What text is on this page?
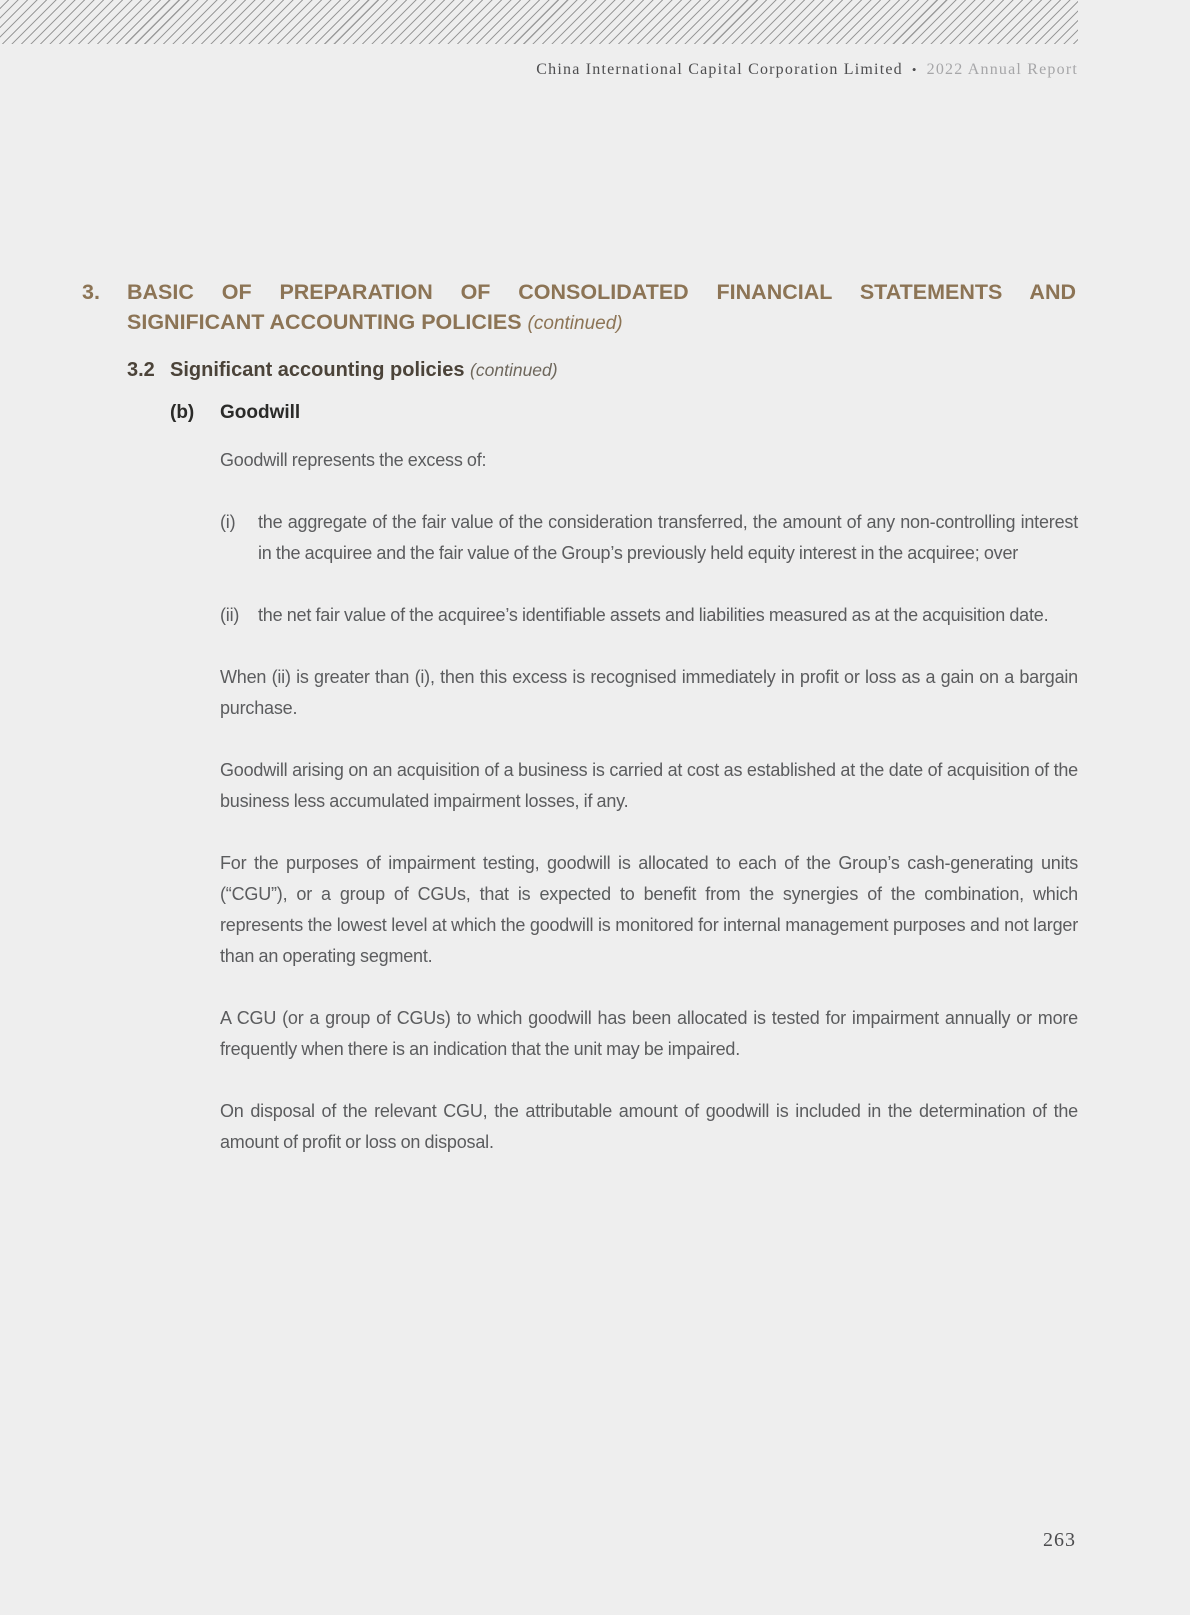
China International Capital Corporation Limited • 2022 Annual Report
3.	BASIC OF PREPARATION OF CONSOLIDATED FINANCIAL STATEMENTS AND
SIGNIFICANT ACCOUNTING POLICIES (continued)
3.2 Significant accounting policies (continued)
(b)	Goodwill

Goodwill represents the excess of:

(i)	the aggregate of the fair value of the consideration transferred, the amount of any non-controlling interest in the acquiree and the fair value of the Group’s previously held equity interest in the acquiree; over
(ii)	the net fair value of the acquiree’s identifiable assets and liabilities measured as at the acquisition date.

When (ii) is greater than (i), then this excess is recognised immediately in profit or loss as a gain on a bargain purchase.

Goodwill arising on an acquisition of a business is carried at cost as established at the date of acquisition of the business less accumulated impairment losses, if any.

For the purposes of impairment testing, goodwill is allocated to each of the Group’s cash-generating units (“CGU”), or a group of CGUs, that is expected to benefit from the synergies of the combination, which represents the lowest level at which the goodwill is monitored for internal management purposes and not larger than an operating segment.

A CGU (or a group of CGUs) to which goodwill has been allocated is tested for impairment annually or more frequently when there is an indication that the unit may be impaired.

On disposal of the relevant CGU, the attributable amount of goodwill is included in the determination of the amount of profit or loss on disposal.

263
